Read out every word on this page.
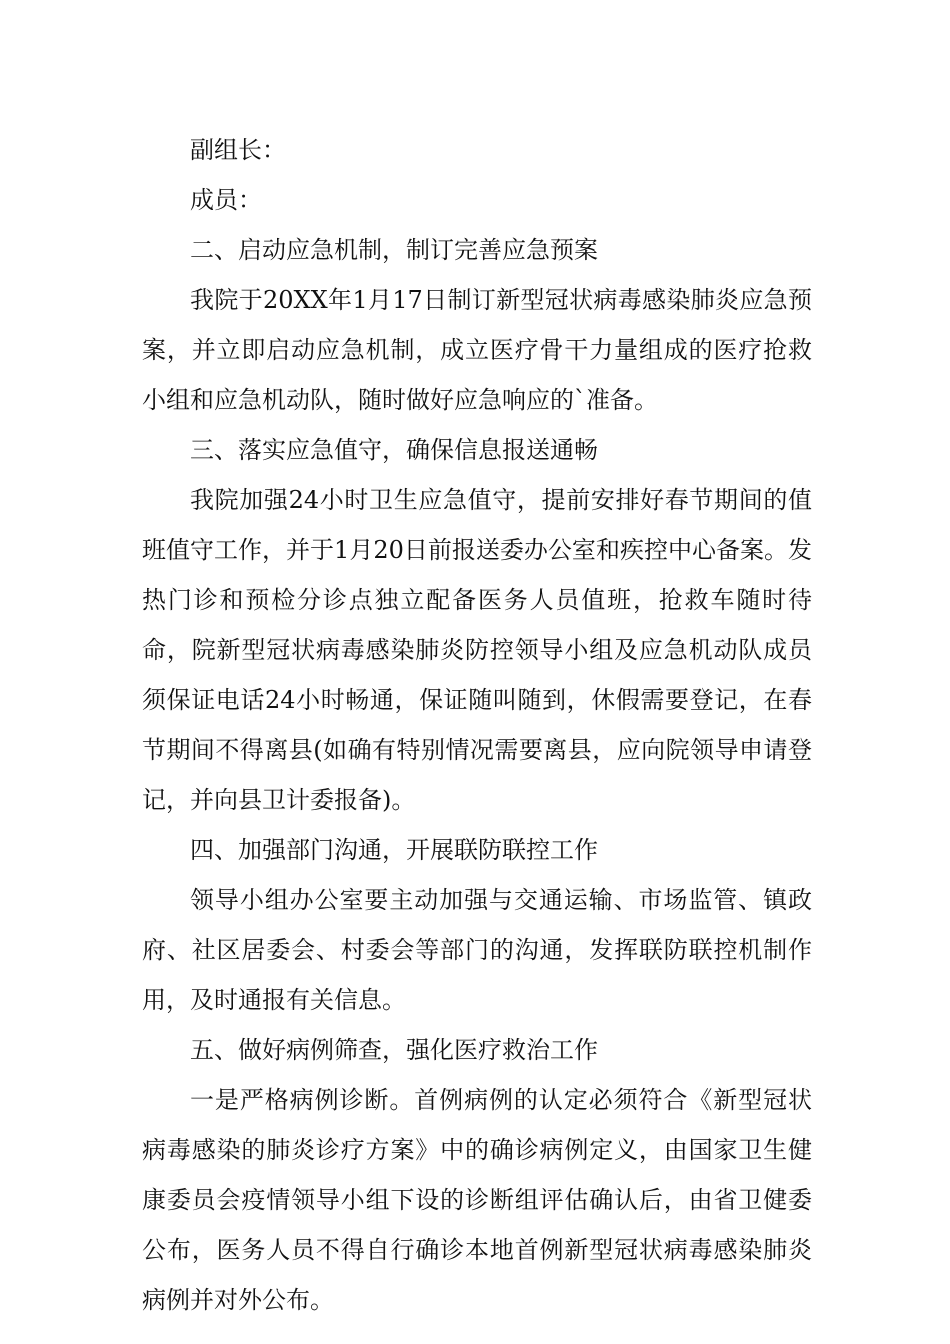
副组长：

成员：

二、启动应急机制，制订完善应急预案

我院于20XX年1月17日制订新型冠状病毒感染肺炎应急预案，并立即启动应急机制，成立医疗骨干力量组成的医疗抢救小组和应急机动队，随时做好应急响应的`准备。

三、落实应急值守，确保信息报送通畅

我院加强24小时卫生应急值守，提前安排好春节期间的值班值守工作，并于1月20日前报送委办公室和疾控中心备案。发热门诊和预检分诊点独立配备医务人员值班，抢救车随时待命，院新型冠状病毒感染肺炎防控领导小组及应急机动队成员须保证电话24小时畅通，保证随叫随到，休假需要登记，在春节期间不得离县(如确有特别情况需要离县，应向院领导申请登记，并向县卫计委报备)。

四、加强部门沟通，开展联防联控工作

领导小组办公室要主动加强与交通运输、市场监管、镇政府、社区居委会、村委会等部门的沟通，发挥联防联控机制作用，及时通报有关信息。

五、做好病例筛查，强化医疗救治工作

一是严格病例诊断。首例病例的认定必须符合《新型冠状病毒感染的肺炎诊疗方案》中的确诊病例定义，由国家卫生健康委员会疫情领导小组下设的诊断组评估确认后，由省卫健委公布，医务人员不得自行确诊本地首例新型冠状病毒感染肺炎病例并对外公布。
